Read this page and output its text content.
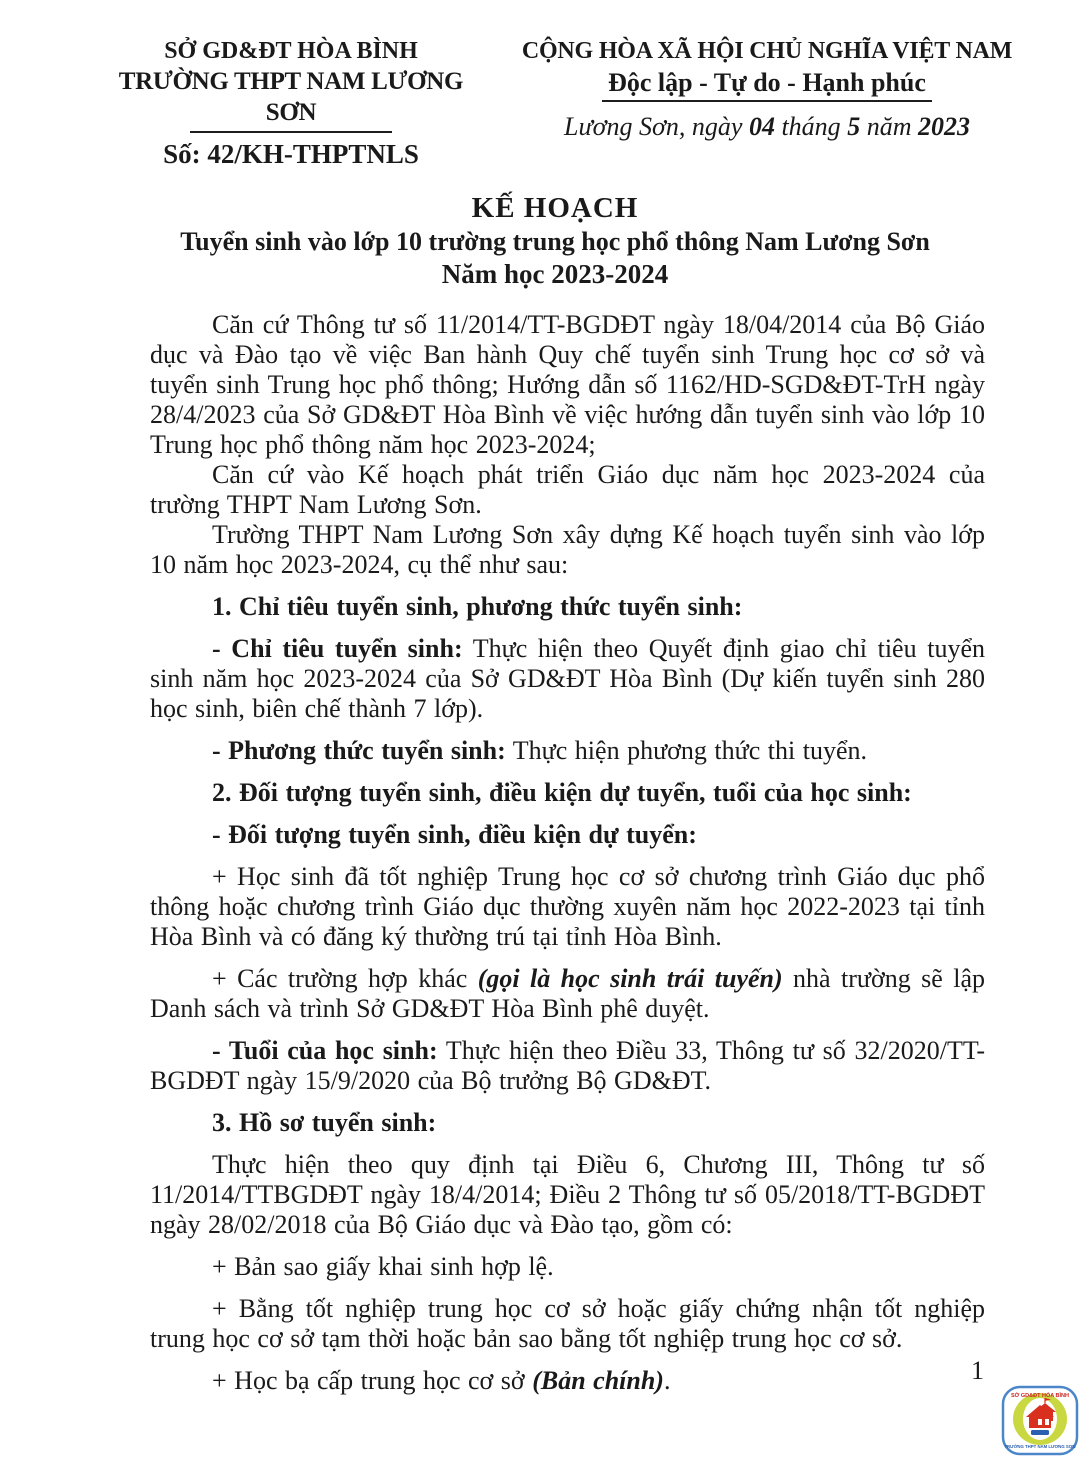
SỞ GD&ĐT HÒA BÌNH
TRƯỜNG THPT NAM LƯƠNG SƠN
Số: 42/KH-THPTNLS
CỘNG HÒA XÃ HỘI CHỦ NGHĨA VIỆT NAM
Độc lập - Tự do - Hạnh phúc
Lương Sơn, ngày 04 tháng 5 năm 2023
KẾ HOẠCH
Tuyển sinh vào lớp 10 trường trung học phổ thông Nam Lương Sơn
Năm học 2023-2024

Căn cứ Thông tư số 11/2014/TT-BGDĐT ngày 18/04/2014 của Bộ Giáo dục và Đào tạo về việc Ban hành Quy chế tuyển sinh Trung học cơ sở và tuyển sinh Trung học phổ thông; Hướng dẫn số 1162/HD-SGD&ĐT-TrH ngày 28/4/2023 của Sở GD&ĐT Hòa Bình về việc hướng dẫn tuyển sinh vào lớp 10 Trung học phổ thông năm học 2023-2024;

Căn cứ vào Kế hoạch phát triển Giáo dục năm học 2023-2024 của trường THPT Nam Lương Sơn.

Trường THPT Nam Lương Sơn xây dựng Kế hoạch tuyển sinh vào lớp 10 năm học 2023-2024, cụ thể như sau:

1. Chỉ tiêu tuyển sinh, phương thức tuyển sinh:

- Chỉ tiêu tuyển sinh: Thực hiện theo Quyết định giao chỉ tiêu tuyển sinh năm học 2023-2024 của Sở GD&ĐT Hòa Bình (Dự kiến tuyển sinh 280 học sinh, biên chế thành 7 lớp).

- Phương thức tuyển sinh: Thực hiện phương thức thi tuyển.

2. Đối tượng tuyển sinh, điều kiện dự tuyển, tuổi của học sinh:

- Đối tượng tuyển sinh, điều kiện dự tuyển:

+ Học sinh đã tốt nghiệp Trung học cơ sở chương trình Giáo dục phổ thông hoặc chương trình Giáo dục thường xuyên năm học 2022-2023 tại tỉnh Hòa Bình và có đăng ký thường trú tại tỉnh Hòa Bình.

+ Các trường hợp khác (gọi là học sinh trái tuyến) nhà trường sẽ lập Danh sách và trình Sở GD&ĐT Hòa Bình phê duyệt.

- Tuổi của học sinh: Thực hiện theo Điều 33, Thông tư số 32/2020/TT-BGDĐT ngày 15/9/2020 của Bộ trưởng Bộ GD&ĐT.

3. Hồ sơ tuyển sinh:

Thực hiện theo quy định tại Điều 6, Chương III, Thông tư số 11/2014/TTBGDĐT ngày 18/4/2014; Điều 2 Thông tư số 05/2018/TT-BGDĐT ngày 28/02/2018 của Bộ Giáo dục và Đào tạo, gồm có:

+ Bản sao giấy khai sinh hợp lệ.

+ Bằng tốt nghiệp trung học cơ sở hoặc giấy chứng nhận tốt nghiệp trung học cơ sở tạm thời hoặc bản sao bằng tốt nghiệp trung học cơ sở.

+ Học bạ cấp trung học cơ sở (Bản chính).	1
SỞ GD&ĐT HÒA BÌNH
TRƯỜNG THPT NAM LƯƠNG SƠN
